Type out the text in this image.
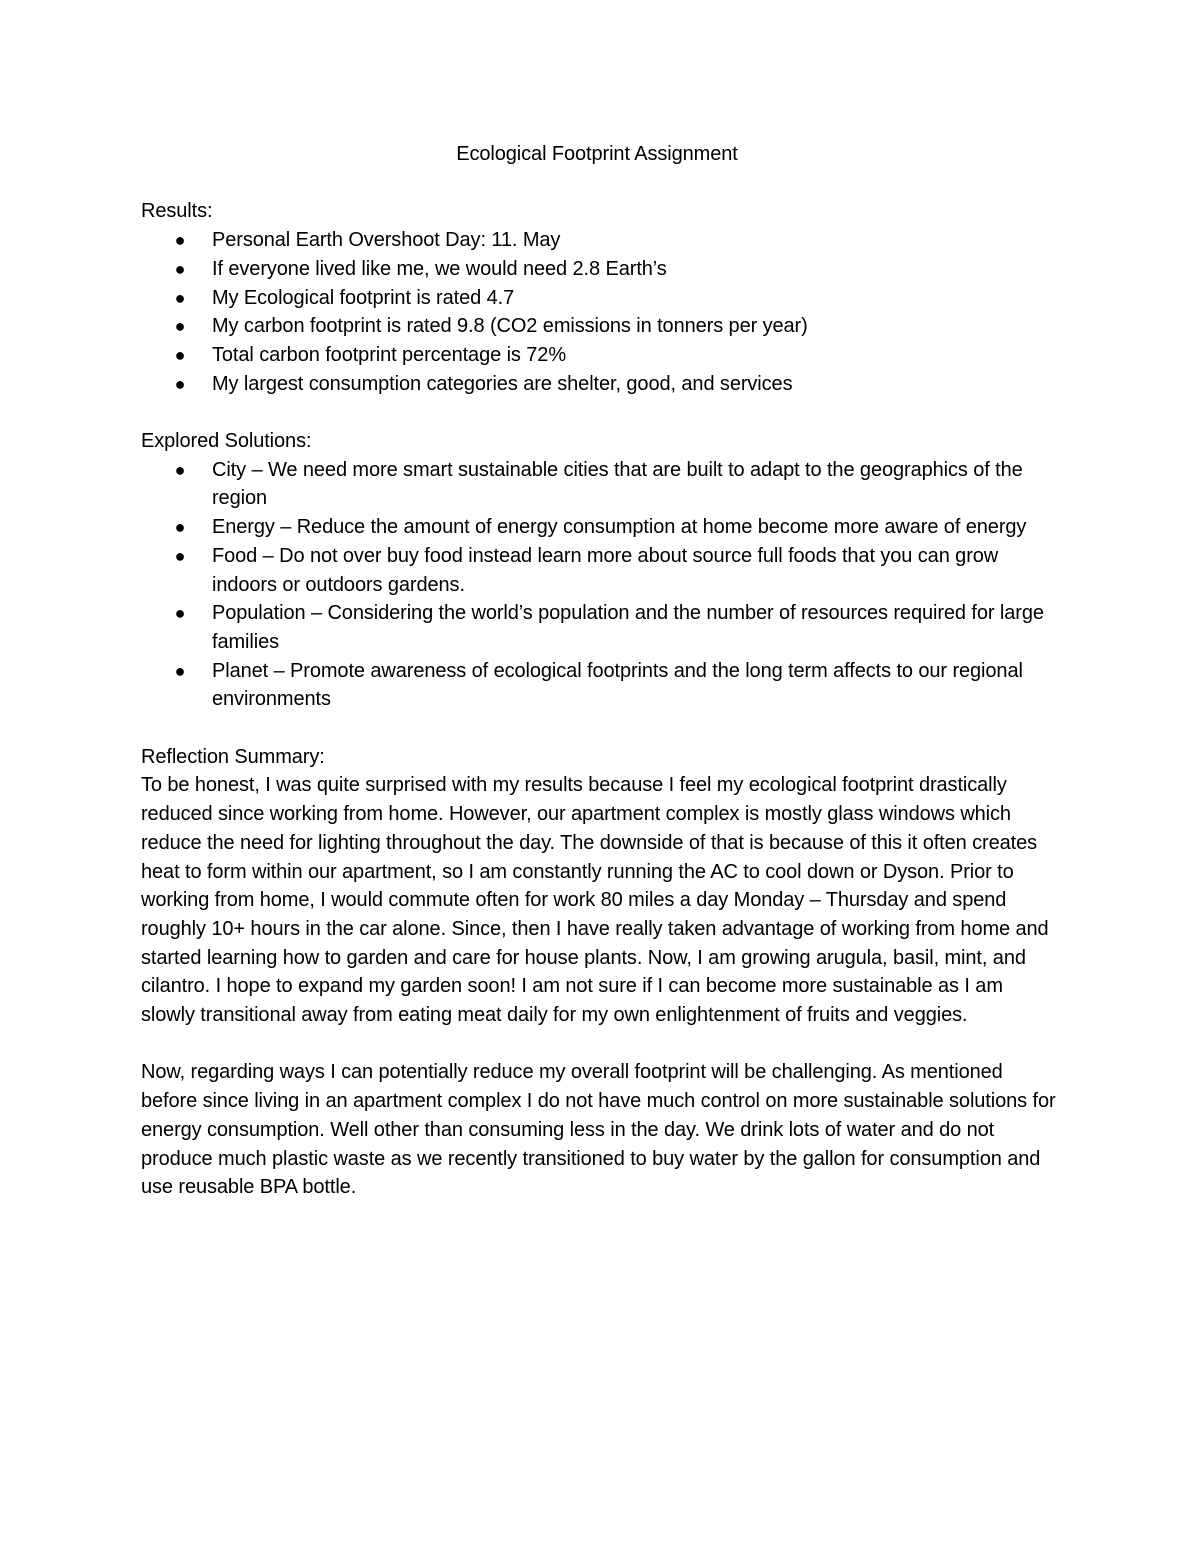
Ecological Footprint Assignment
Results:
● Personal Earth Overshoot Day: 11. May
● If everyone lived like me, we would need 2.8 Earth’s
● My Ecological footprint is rated 4.7
● My carbon footprint is rated 9.8 (CO2 emissions in tonners per year)
● Total carbon footprint percentage is 72%
● My largest consumption categories are shelter, good, and services
Explored Solutions:
● City – We need more smart sustainable cities that are built to adapt to the geographics of the region
● Energy – Reduce the amount of energy consumption at home become more aware of energy
● Food – Do not over buy food instead learn more about source full foods that you can grow indoors or outdoors gardens.
● Population – Considering the world’s population and the number of resources required for large families
● Planet – Promote awareness of ecological footprints and the long term affects to our regional environments
Reflection Summary:

To be honest, I was quite surprised with my results because I feel my ecological footprint drastically reduced since working from home. However, our apartment complex is mostly glass windows which reduce the need for lighting throughout the day. The downside of that is because of this it often creates heat to form within our apartment, so I am constantly running the AC to cool down or Dyson. Prior to working from home, I would commute often for work 80 miles a day Monday – Thursday and spend roughly 10+ hours in the car alone. Since, then I have really taken advantage of working from home and started learning how to garden and care for house plants. Now, I am growing arugula, basil, mint, and cilantro. I hope to expand my garden soon! I am not sure if I can become more sustainable as I am slowly transitional away from eating meat daily for my own enlightenment of fruits and veggies.

Now, regarding ways I can potentially reduce my overall footprint will be challenging. As mentioned before since living in an apartment complex I do not have much control on more sustainable solutions for energy consumption. Well other than consuming less in the day. We drink lots of water and do not produce much plastic waste as we recently transitioned to buy water by the gallon for consumption and use reusable BPA bottle.
